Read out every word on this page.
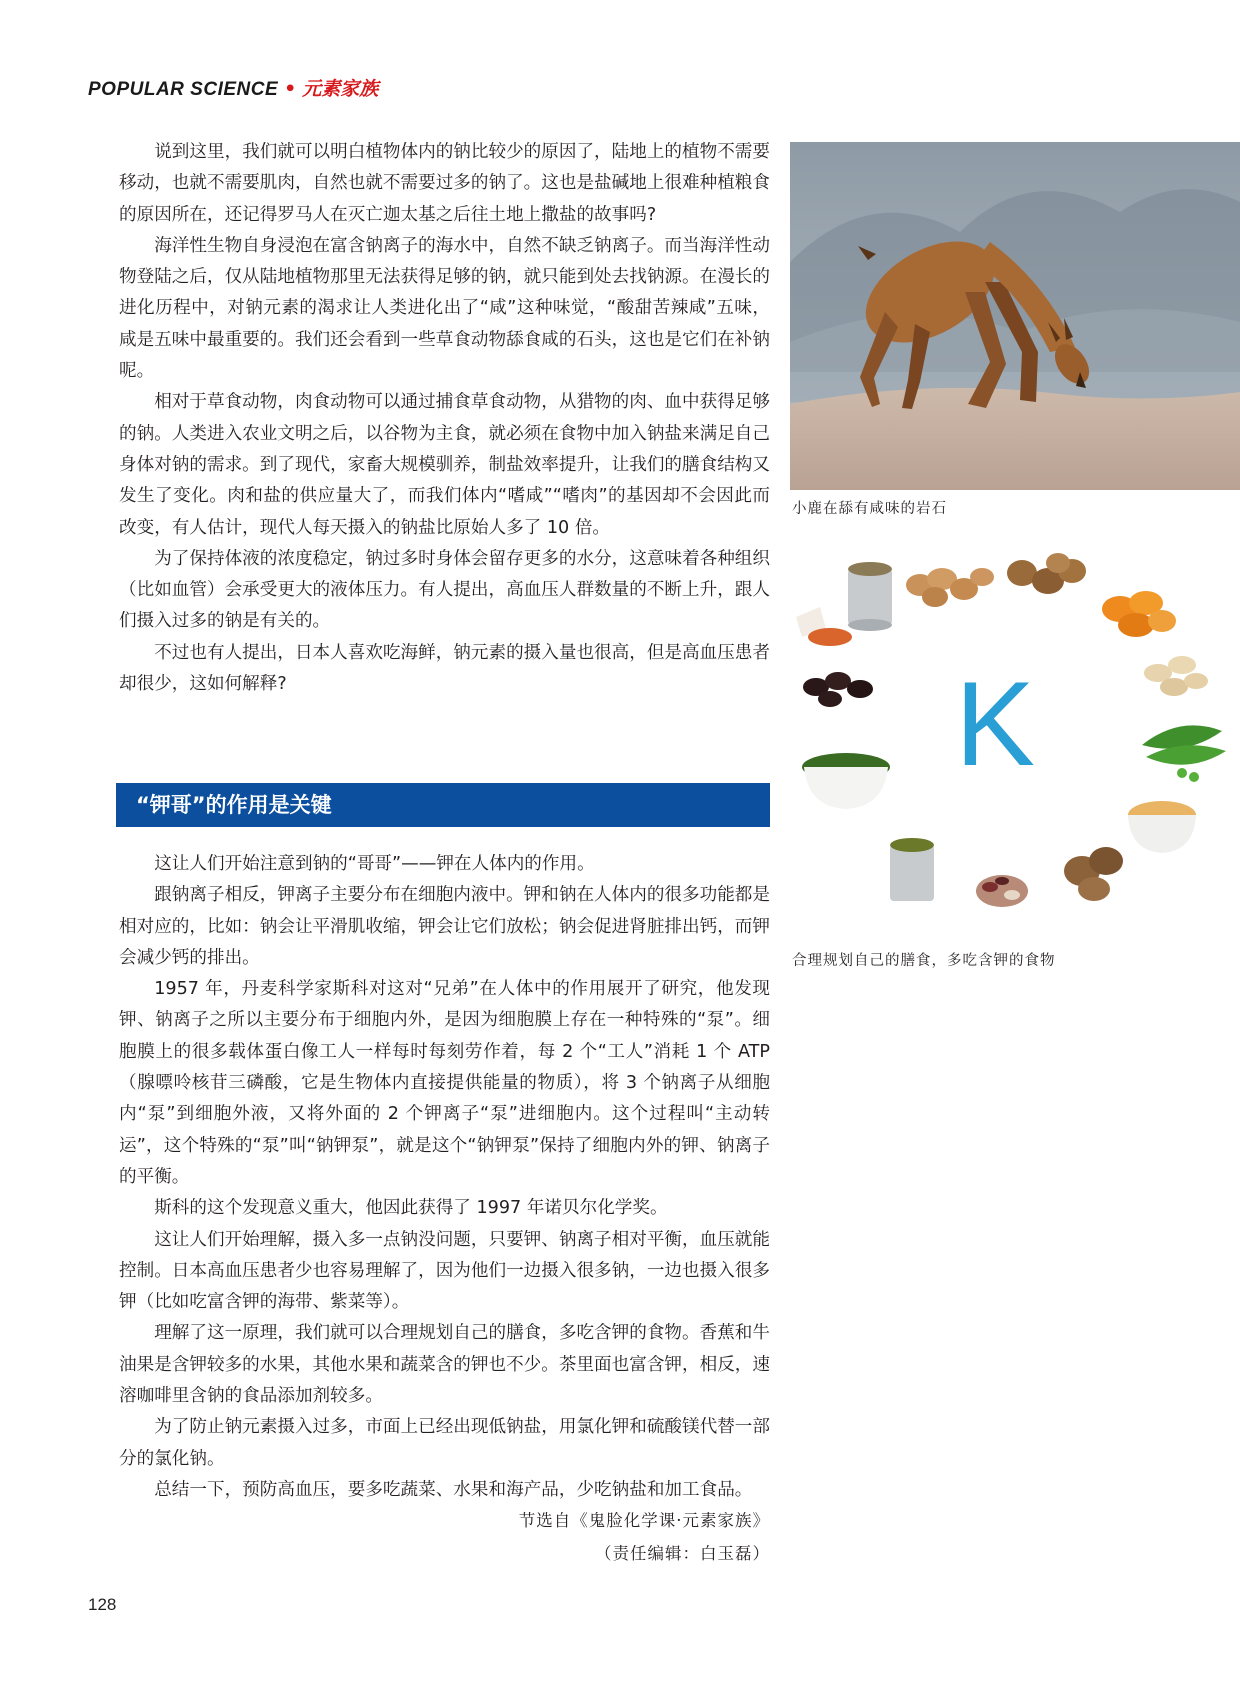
POPULAR SCIENCE • 元素家族

说到这里，我们就可以明白植物体内的钠比较少的原因了，陆地上的植物不需要移动，也就不需要肌肉，自然也就不需要过多的钠了。这也是盐碱地上很难种植粮食的原因所在，还记得罗马人在灭亡迦太基之后往土地上撒盐的故事吗?

海洋性生物自身浸泡在富含钠离子的海水中，自然不缺乏钠离子。而当海洋性动物登陆之后，仅从陆地植物那里无法获得足够的钠，就只能到处去找钠源。在漫长的进化历程中，对钠元素的渴求让人类进化出了“咸”这种味觉，“酸甜苦辣咸”五味，咸是五味中最重要的。我们还会看到一些草食动物舔食咸的石头，这也是它们在补钠呢。

相对于草食动物，肉食动物可以通过捕食草食动物，从猎物的肉、血中获得足够的钠。人类进入农业文明之后，以谷物为主食，就必须在食物中加入钠盐来满足自己身体对钠的需求。到了现代，家畜大规模驯养，制盐效率提升，让我们的膳食结构又发生了变化。肉和盐的供应量大了，而我们体内“嗜咸”“嗜肉”的基因却不会因此而改变，有人估计，现代人每天摄入的钠盐比原始人多了 10 倍。

为了保持体液的浓度稳定，钠过多时身体会留存更多的水分，这意味着各种组织（比如血管）会承受更大的液体压力。有人提出，高血压人群数量的不断上升，跟人们摄入过多的钠是有关的。

不过也有人提出，日本人喜欢吃海鲜，钠元素的摄入量也很高，但是高血压患者却很少，这如何解释?

“钾哥”的作用是关键

这让人们开始注意到钠的“哥哥”——钾在人体内的作用。

跟钠离子相反，钾离子主要分布在细胞内液中。钾和钠在人体内的很多功能都是相对应的，比如：钠会让平滑肌收缩，钾会让它们放松；钠会促进肾脏排出钙，而钾会减少钙的排出。

1957 年，丹麦科学家斯科对这对“兄弟”在人体中的作用展开了研究，他发现钾、钠离子之所以主要分布于细胞内外，是因为细胞膜上存在一种特殊的“泵”。细胞膜上的很多载体蛋白像工人一样每时每刻劳作着，每 2 个“工人”消耗 1 个 ATP（腺嘌呤核苷三磷酸，它是生物体内直接提供能量的物质），将 3 个钠离子从细胞内“泵”到细胞外液，又将外面的 2 个钾离子“泵”进细胞内。这个过程叫“主动转运”，这个特殊的“泵”叫“钠钾泵”，就是这个“钠钾泵”保持了细胞内外的钾、钠离子的平衡。

斯科的这个发现意义重大，他因此获得了 1997 年诺贝尔化学奖。

这让人们开始理解，摄入多一点钠没问题，只要钾、钠离子相对平衡，血压就能控制。日本高血压患者少也容易理解了，因为他们一边摄入很多钠，一边也摄入很多钾（比如吃富含钾的海带、紫菜等）。

理解了这一原理，我们就可以合理规划自己的膳食，多吃含钾的食物。香蕉和牛油果是含钾较多的水果，其他水果和蔬菜含的钾也不少。茶里面也富含钾，相反，速溶咖啡里含钠的食品添加剂较多。

为了防止钠元素摄入过多，市面上已经出现低钠盐，用氯化钾和硫酸镁代替一部分的氯化钠。

总结一下，预防高血压，要多吃蔬菜、水果和海产品，少吃钠盐和加工食品。

节选自《鬼脸化学课·元素家族》
（责任编辑：白玉磊）
128
小鹿在舔有咸味的岩石
K
合理规划自己的膳食，多吃含钾的食物
